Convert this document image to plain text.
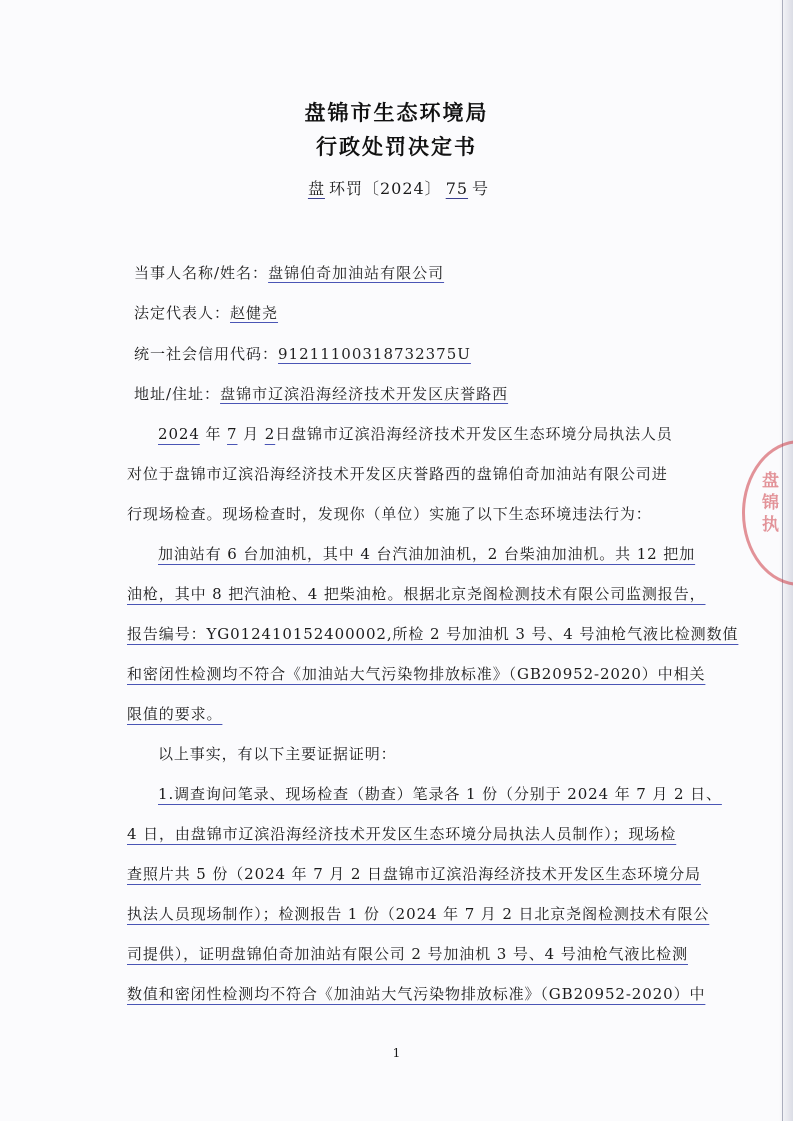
盘锦执
盘锦市生态环境局
行政处罚决定书
盘 环罚〔2024〕 75 号
当事人名称/姓名：盘锦伯奇加油站有限公司
法定代表人：赵健尧
统一社会信用代码：91211100318732375U
地址/住址：盘锦市辽滨沿海经济技术开发区庆誉路西
2024 年 7 月 2日盘锦市辽滨沿海经济技术开发区生态环境分局执法人员
对位于盘锦市辽滨沿海经济技术开发区庆誉路西的盘锦伯奇加油站有限公司进
行现场检查。现场检查时，发现你（单位）实施了以下生态环境违法行为：
加油站有 6 台加油机，其中 4 台汽油加油机，2 台柴油加油机。共 12 把加
油枪，其中 8 把汽油枪、4 把柴油枪。根据北京尧阁检测技术有限公司监测报告，
报告编号：YG012410152400002,所检 2 号加油机 3 号、4 号油枪气液比检测数值
和密闭性检测均不符合《加油站大气污染物排放标准》（GB20952-2020）中相关
限值的要求。
以上事实，有以下主要证据证明：
1.调查询问笔录、现场检查（勘查）笔录各 1 份（分别于 2024 年 7 月 2 日、
4 日，由盘锦市辽滨沿海经济技术开发区生态环境分局执法人员制作）；现场检
查照片共 5 份（2024 年 7 月 2 日盘锦市辽滨沿海经济技术开发区生态环境分局
执法人员现场制作）；检测报告 1 份（2024 年 7 月 2 日北京尧阁检测技术有限公
司提供），证明盘锦伯奇加油站有限公司 2 号加油机 3 号、4 号油枪气液比检测
数值和密闭性检测均不符合《加油站大气污染物排放标准》（GB20952-2020）中
1
